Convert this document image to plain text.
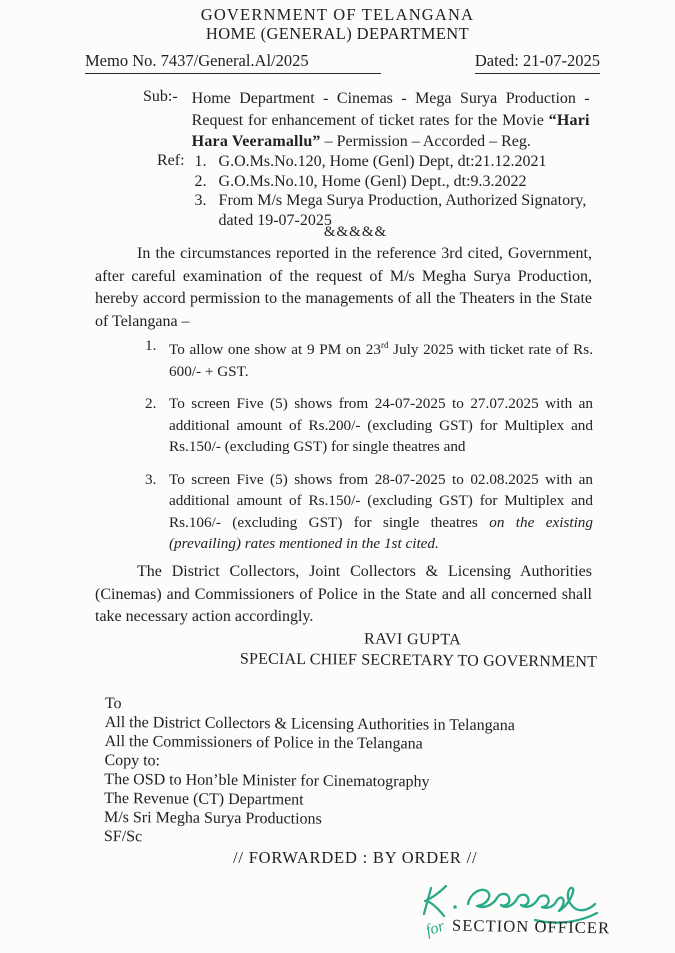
GOVERNMENT OF TELANGANA
HOME (GENERAL) DEPARTMENT
Memo No. 7437/General.Al/2025	Dated: 21-07-2025
Sub:- Home Department - Cinemas - Mega Surya Production - Request for enhancement of ticket rates for the Movie “Hari Hara Veeramallu” – Permission – Accorded – Reg.

Ref: 1. G.O.Ms.No.120, Home (Genl) Dept, dt:21.12.2021
2. G.O.Ms.No.10, Home (Genl) Dept., dt:9.3.2022
3. From M/s Mega Surya Production, Authorized Signatory, dated 19-07-2025
&&&&&

In the circumstances reported in the reference 3rd cited, Government, after careful examination of the request of M/s Megha Surya Production, hereby accord permission to the managements of all the Theaters in the State of Telangana –

1. To allow one show at 9 PM on 23rd July 2025 with ticket rate of Rs. 600/- + GST.

2. To screen Five (5) shows from 24-07-2025 to 27.07.2025 with an additional amount of Rs.200/- (excluding GST) for Multiplex and Rs.150/- (excluding GST) for single theatres and

3. To screen Five (5) shows from 28-07-2025 to 02.08.2025 with an additional amount of Rs.150/- (excluding GST) for Multiplex and Rs.106/- (excluding GST) for single theatres on the existing (prevailing) rates mentioned in the 1st cited.

The District Collectors, Joint Collectors & Licensing Authorities (Cinemas) and Commissioners of Police in the State and all concerned shall take necessary action accordingly.

RAVI GUPTA
SPECIAL CHIEF SECRETARY TO GOVERNMENT
To
All the District Collectors & Licensing Authorities in Telangana
All the Commissioners of Police in the Telangana
Copy to:
The OSD to Hon’ble Minister for Cinematography
The Revenue (CT) Department
M/s Sri Megha Surya Productions
SF/Sc
// FORWARDED : BY ORDER //
for SECTION OFFICER
